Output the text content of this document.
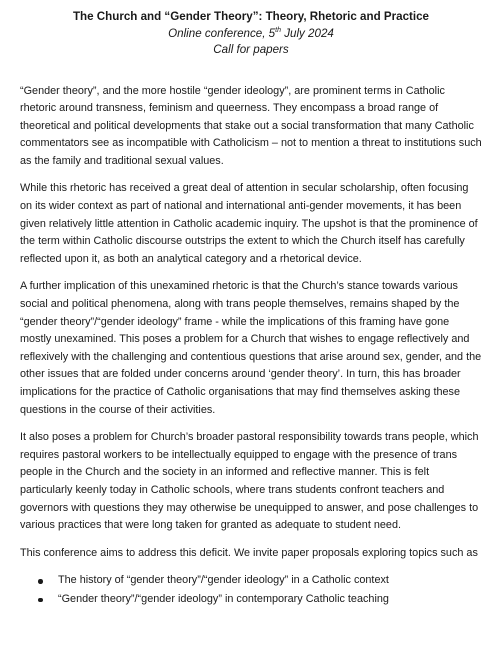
The Church and “Gender Theory”: Theory, Rhetoric and Practice
Online conference, 5th July 2024
Call for papers

“Gender theory”, and the more hostile “gender ideology”, are prominent terms in Catholic rhetoric around transness, feminism and queerness. They encompass a broad range of theoretical and political developments that stake out a social transformation that many Catholic commentators see as incompatible with Catholicism – not to mention a threat to institutions such as the family and traditional sexual values.

While this rhetoric has received a great deal of attention in secular scholarship, often focusing on its wider context as part of national and international anti-gender movements, it has been given relatively little attention in Catholic academic inquiry. The upshot is that the prominence of the term within Catholic discourse outstrips the extent to which the Church itself has carefully reflected upon it, as both an analytical category and a rhetorical device.

A further implication of this unexamined rhetoric is that the Church’s stance towards various social and political phenomena, along with trans people themselves, remains shaped by the “gender theory”/“gender ideology” frame - while the implications of this framing have gone mostly unexamined. This poses a problem for a Church that wishes to engage reflectively and reflexively with the challenging and contentious questions that arise around sex, gender, and the other issues that are folded under concerns around ‘gender theory’. In turn, this has broader implications for the practice of Catholic organisations that may find themselves asking these questions in the course of their activities.

It also poses a problem for Church’s broader pastoral responsibility towards trans people, which requires pastoral workers to be intellectually equipped to engage with the presence of trans people in the Church and the society in an informed and reflective manner. This is felt particularly keenly today in Catholic schools, where trans students confront teachers and governors with questions they may otherwise be unequipped to answer, and pose challenges to various practices that were long taken for granted as adequate to student need.

This conference aims to address this deficit. We invite paper proposals exploring topics such as

The history of “gender theory”/“gender ideology” in a Catholic context
“Gender theory”/“gender ideology” in contemporary Catholic teaching
